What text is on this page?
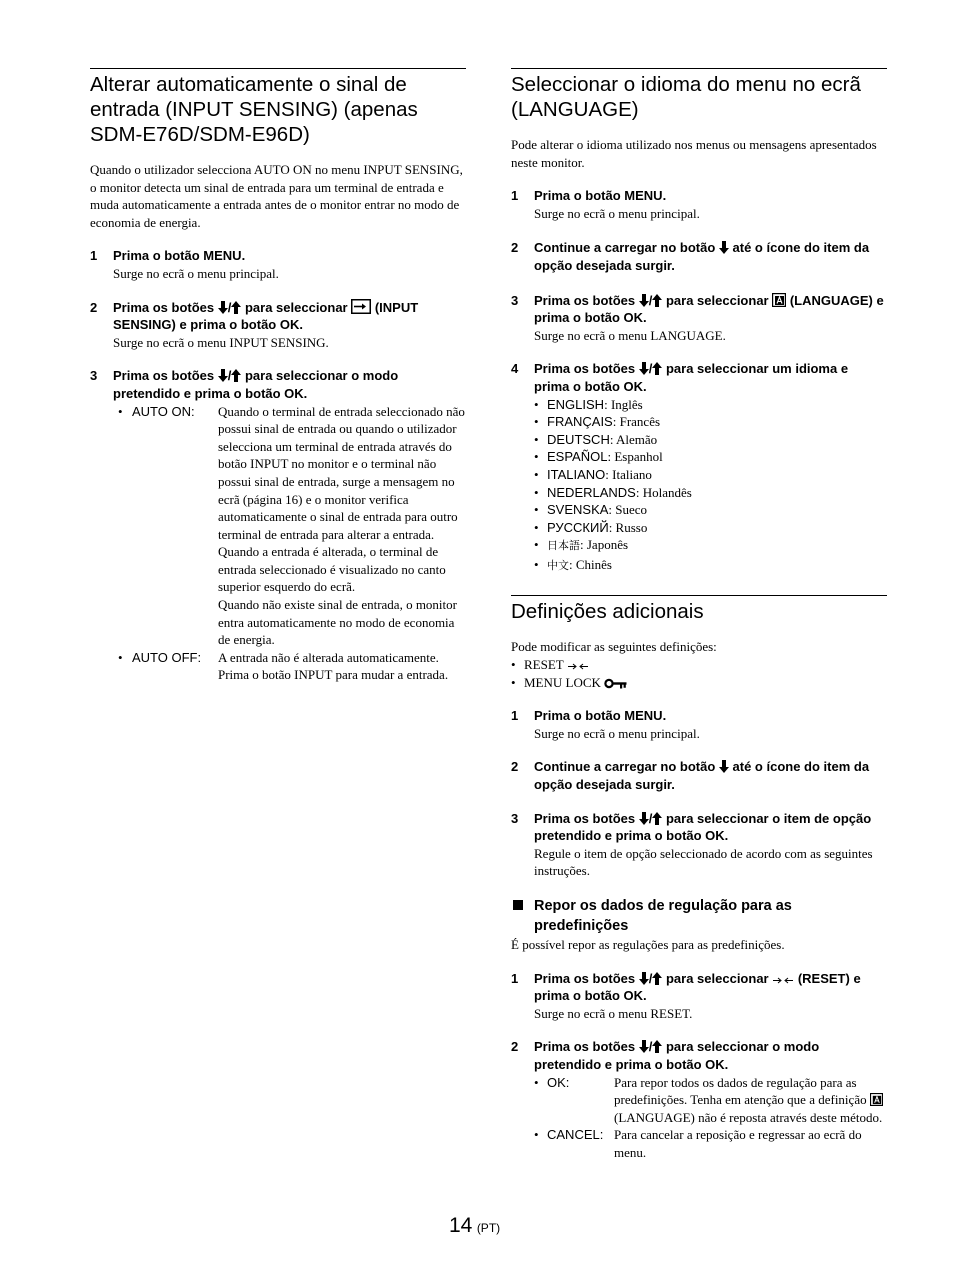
Alterar automaticamente o sinal de entrada (INPUT SENSING) (apenas SDM-E76D/SDM-E96D)

Quando o utilizador selecciona AUTO ON no menu INPUT SENSING, o monitor detecta um sinal de entrada para um terminal de entrada e muda automaticamente a entrada antes de o monitor entrar no modo de economia de energia.

1 Prima o botão MENU.

Surge no ecrã o menu principal.

2 Prima os botões / para seleccionar  (INPUT SENSING) e prima o botão OK.

Surge no ecrã o menu INPUT SENSING.

3 Prima os botões / para seleccionar o modo pretendido e prima o botão OK.
• AUTO ON: Quando o terminal de entrada seleccionado não possui sinal de entrada ou quando o utilizador selecciona um terminal de entrada através do botão INPUT no monitor e o terminal não possui sinal de entrada, surge a mensagem no ecrã (página 16) e o monitor verifica automaticamente o sinal de entrada para outro terminal de entrada para alterar a entrada.
Quando a entrada é alterada, o terminal de entrada seleccionado é visualizado no canto superior esquerdo do ecrã.
Quando não existe sinal de entrada, o monitor entra automaticamente no modo de economia de energia.
• AUTO OFF: A entrada não é alterada automaticamente. Prima o botão INPUT para mudar a entrada.
Seleccionar o idioma do menu no ecrã (LANGUAGE)

Pode alterar o idioma utilizado nos menus ou mensagens apresentados neste monitor.

1 Prima o botão MENU.

Surge no ecrã o menu principal.

2 Continue a carregar no botão  até o ícone do item da opção desejada surgir.
3 Prima os botões / para seleccionar  (LANGUAGE) e prima o botão OK.

Surge no ecrã o menu LANGUAGE.

4 Prima os botões / para seleccionar um idioma e prima o botão OK.
• ENGLISH: Inglês
• FRANÇAIS: Francês
• DEUTSCH: Alemão
• ESPAÑOL: Espanhol
• ITALIANO: Italiano
• NEDERLANDS: Holandês
• SVENSKA: Sueco
• РУССКИЙ: Russo
• 日本語: Japonês
• 中文: Chinês
Definições adicionais

Pode modificar as seguintes definições:

• RESET
• MENU LOCK
1 Prima o botão MENU.

Surge no ecrã o menu principal.

2 Continue a carregar no botão  até o ícone do item da opção desejada surgir.
3 Prima os botões / para seleccionar o item de opção pretendido e prima o botão OK.

Regule o item de opção seleccionado de acordo com as seguintes instruções.

Repor os dados de regulação para as predefinições

É possível repor as regulações para as predefinições.

1 Prima os botões / para seleccionar  (RESET) e prima o botão OK.

Surge no ecrã o menu RESET.

2 Prima os botões / para seleccionar o modo pretendido e prima o botão OK.
• OK:	Para repor todos os dados de regulação para as predefinições. Tenha em atenção que a definição  (LANGUAGE) não é reposta através deste método.
• CANCEL: Para cancelar a reposição e regressar ao ecrã do menu.
14 (PT)
